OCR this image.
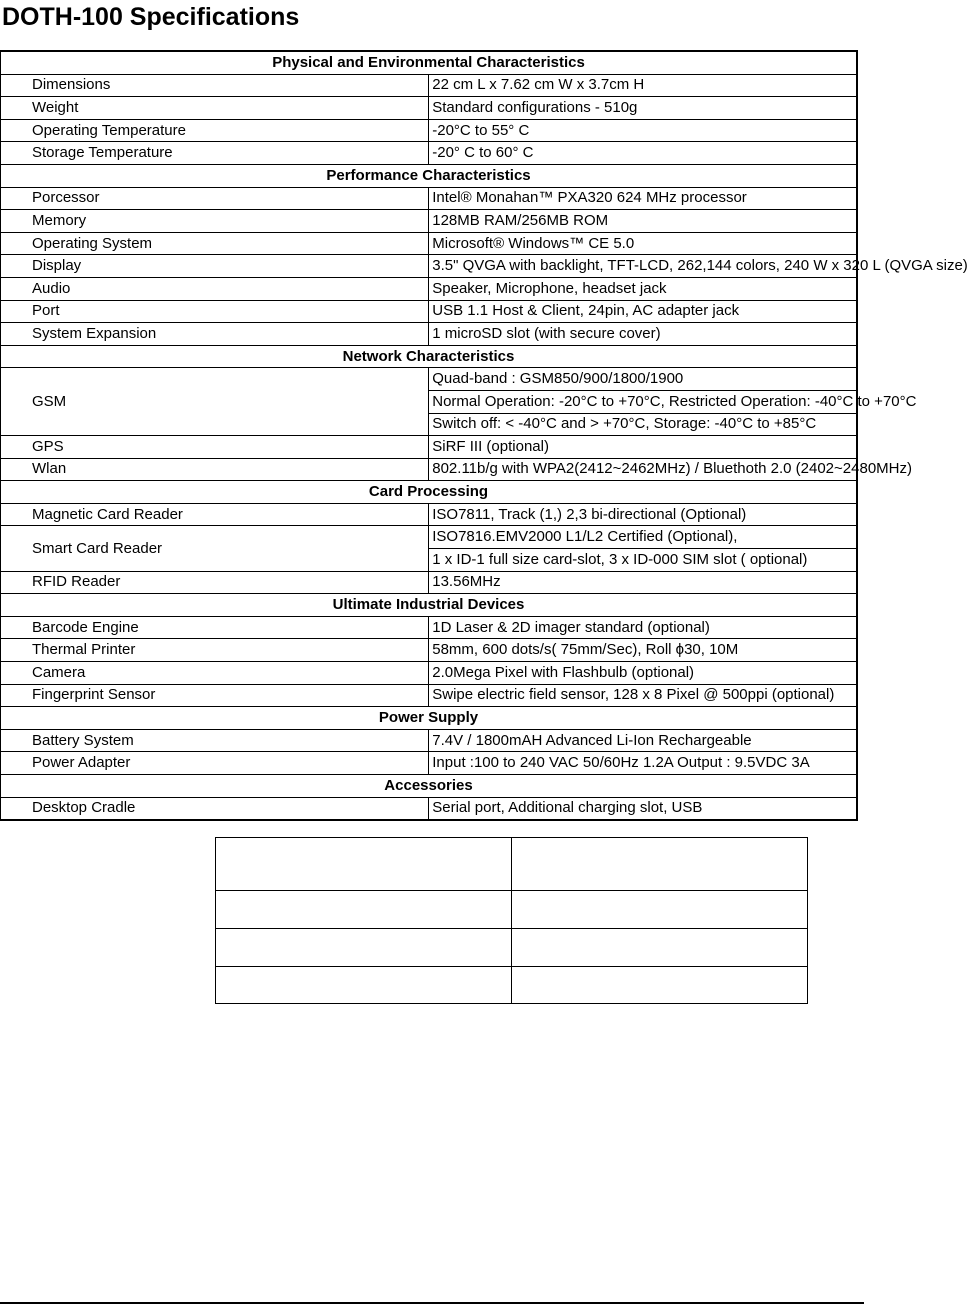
DOTH-100 Specifications
Physical and Environmental Characteristics	
Dimensions	22 cm L x 7.62 cm W x 3.7cm H
Weight	Standard configurations - 510g
Operating Temperature	-20°C to 55° C
Storage Temperature	-20° C to 60° C
Performance Characteristics	
Porcessor	Intel® Monahan™ PXA320 624 MHz processor
Memory	128MB RAM/256MB ROM
Operating System	Microsoft® Windows™ CE 5.0
Display	3.5" QVGA with backlight, TFT-LCD, 262,144 colors, 240 W x 320 L (QVGA size)
Audio	Speaker, Microphone, headset jack
Port	USB 1.1 Host & Client, 24pin, AC adapter jack
System Expansion	1 microSD slot (with secure cover)
Network Characteristics	
GSM	Quad-band : GSM850/900/1800/1900
	Normal Operation: -20°C to +70°C, Restricted Operation: -40°C to +70°C
	Switch off: < -40°C and > +70°C, Storage: -40°C to +85°C
GPS	SiRF III (optional)
Wlan	802.11b/g with WPA2(2412~2462MHz) / Bluethoth 2.0 (2402~2480MHz)
Card Processing	
Magnetic Card Reader	ISO7811, Track (1,) 2,3 bi-directional (Optional)
Smart Card Reader	ISO7816.EMV2000 L1/L2 Certified (Optional),
	1 x ID-1 full size card-slot, 3 x ID-000 SIM slot ( optional)
RFID Reader	13.56MHz
Ultimate Industrial Devices	
Barcode Engine	1D Laser & 2D imager standard (optional)
Thermal Printer	58mm, 600 dots/s( 75mm/Sec), Roll ϕ30, 10M
Camera	2.0Mega Pixel with Flashbulb (optional)
Fingerprint Sensor	Swipe electric field sensor, 128 x 8 Pixel @ 500ppi (optional)
Power Supply	
Battery System	7.4V / 1800mAH Advanced Li-Ion Rechargeable
Power Adapter	Input :100 to 240 VAC 50/60Hz 1.2A Output : 9.5VDC 3A
Accessories	
Desktop Cradle	Serial port, Additional charging slot, USB
